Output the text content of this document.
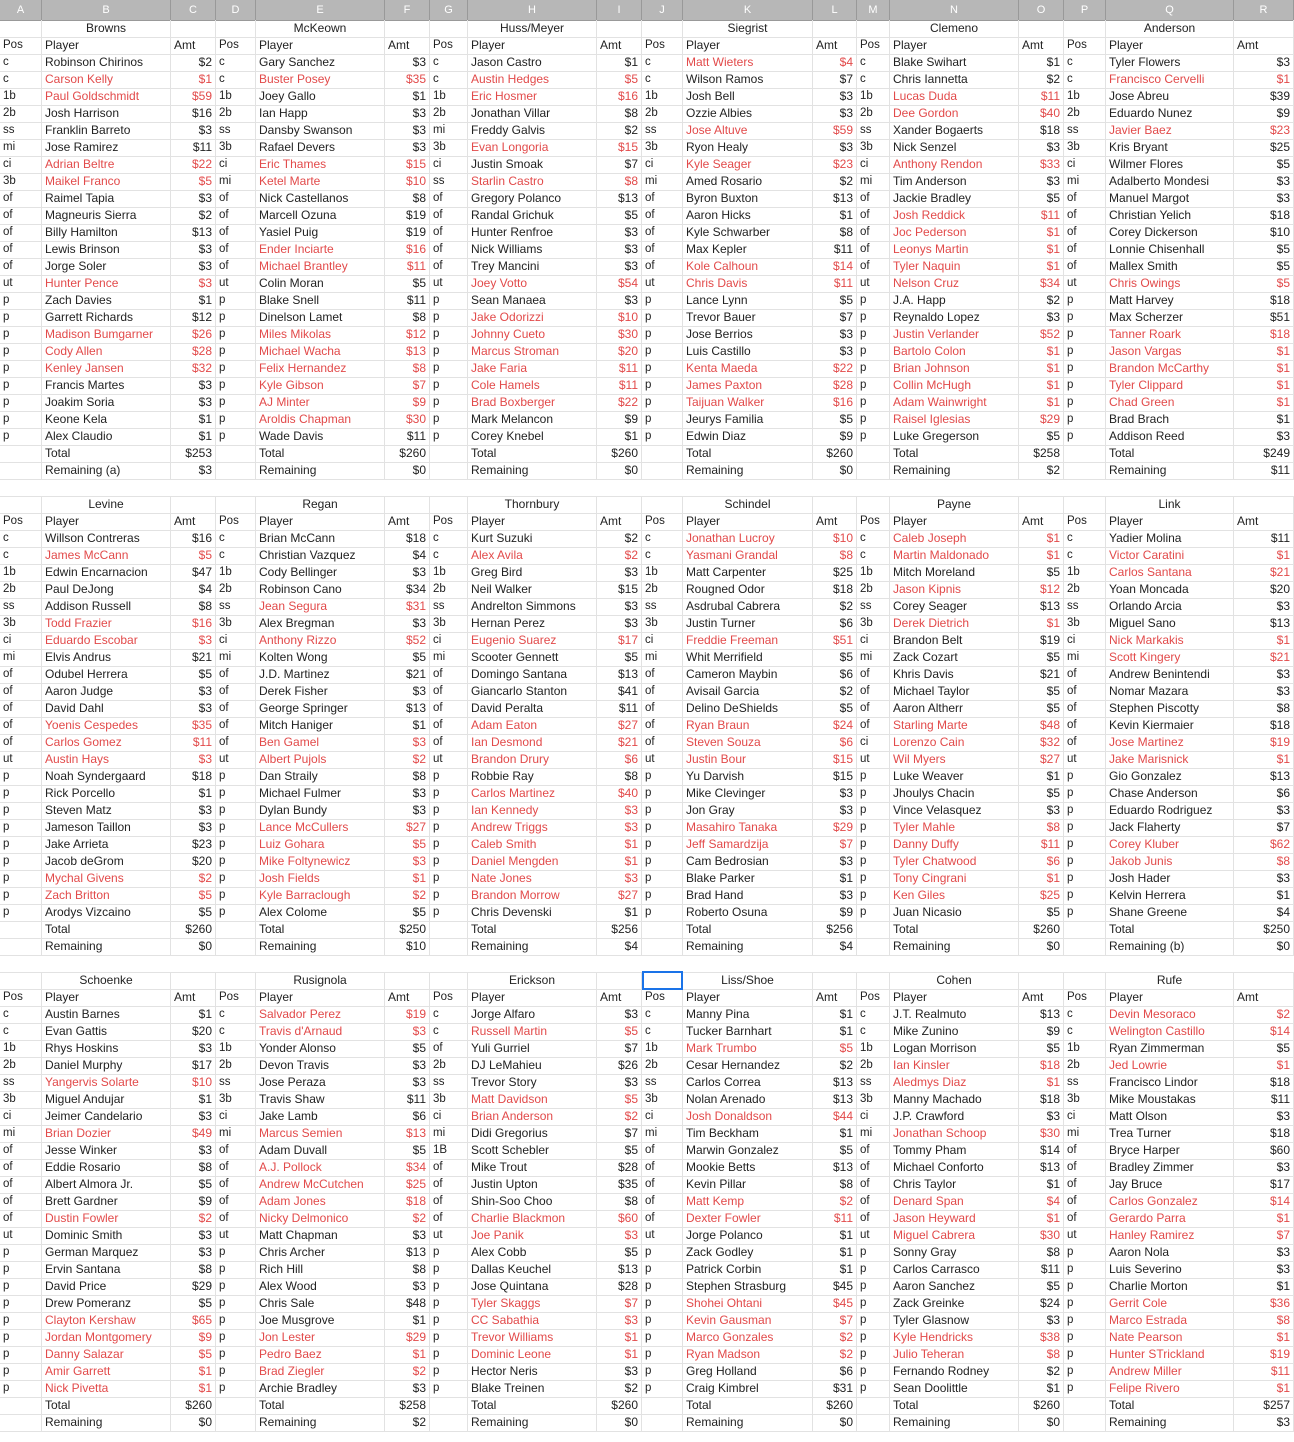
A	B	C	D	E	F	G	H	I	J	K	L	M	N	O	P	Q	R
Browns	McKeown	Huss/Meyer	Siegrist	Clemeno	Anderson
Pos	Player	Amt	Pos	Player	Amt	Pos	Player	Amt	Pos	Player	Amt	Pos	Player	Amt	Pos	Player	Amt
c	Robinson Chirinos	$2 c	Gary Sanchez	$3 c	Jason Castro	$1 c	Matt Wieters	$4 c	Blake Swihart	$1 c	Tyler Flowers	$3
c	Carson Kelly	$1 c	Buster Posey	$35 c	Austin Hedges	$5 c	Wilson Ramos	$7 c	Chris Iannetta	$2 c	Francisco Cervelli	$1
1b	Paul Goldschmidt	$59 1b	Joey Gallo	$1 1b	Eric Hosmer	$16 1b	Josh Bell	$3 1b	Lucas Duda	$11 1b	Jose Abreu	$39
2b	Josh Harrison	$16 2b	Ian Happ	$3 2b	Jonathan Villar	$8 2b	Ozzie Albies	$3 2b	Dee Gordon	$40 2b	Eduardo Nunez	$9
ss	Franklin Barreto	$3 ss	Dansby Swanson	$3 mi	Freddy Galvis	$2 ss	Jose Altuve	$59 ss	Xander Bogaerts	$18 ss	Javier Baez	$23
mi	Jose Ramirez	$11 3b	Rafael Devers	$3 3b	Evan Longoria	$15 3b	Ryon Healy	$3 3b	Nick Senzel	$3 3b	Kris Bryant	$25
ci	Adrian Beltre	$22 ci	Eric Thames	$15 ci	Justin Smoak	$7 ci	Kyle Seager	$23 ci	Anthony Rendon	$33 ci	Wilmer Flores	$5
3b	Maikel Franco	$5 mi	Ketel Marte	$10 ss	Starlin Castro	$8 mi	Amed Rosario	$2 mi	Tim Anderson	$3 mi	Adalberto Mondesi	$3
of	Raimel Tapia	$3 of	Nick Castellanos	$8 of	Gregory Polanco	$13 of	Byron Buxton	$13 of	Jackie Bradley	$5 of	Manuel Margot	$3
of	Magneuris Sierra	$2 of	Marcell Ozuna	$19 of	Randal Grichuk	$5 of	Aaron Hicks	$1 of	Josh Reddick	$11 of	Christian Yelich	$18
of	Billy Hamilton	$13 of	Yasiel Puig	$19 of	Hunter Renfroe	$3 of	Kyle Schwarber	$8 of	Joc Pederson	$1 of	Corey Dickerson	$10
of	Lewis Brinson	$3 of	Ender Inciarte	$16 of	Nick Williams	$3 of	Max Kepler	$11 of	Leonys Martin	$1 of	Lonnie Chisenhall	$5
of	Jorge Soler	$3 of	Michael Brantley	$11 of	Trey Mancini	$3 of	Kole Calhoun	$14 of	Tyler Naquin	$1 of	Mallex Smith	$5
ut	Hunter Pence	$3 ut	Colin Moran	$5 ut	Joey Votto	$54 ut	Chris Davis	$11 ut	Nelson Cruz	$34 ut	Chris Owings	$5
p	Zach Davies	$1 p	Blake Snell	$11 p	Sean Manaea	$3 p	Lance Lynn	$5 p	J.A. Happ	$2 p	Matt Harvey	$18
p	Garrett Richards	$12 p	Dinelson Lamet	$8 p	Jake Odorizzi	$10 p	Trevor Bauer	$7 p	Reynaldo Lopez	$3 p	Max Scherzer	$51
p	Madison Bumgarner	$26 p	Miles Mikolas	$12 p	Johnny Cueto	$30 p	Jose Berrios	$3 p	Justin Verlander	$52 p	Tanner Roark	$18
p	Cody Allen	$28 p	Michael Wacha	$13 p	Marcus Stroman	$20 p	Luis Castillo	$3 p	Bartolo Colon	$1 p	Jason Vargas	$1
p	Kenley Jansen	$32 p	Felix Hernandez	$8 p	Jake Faria	$11 p	Kenta Maeda	$22 p	Brian Johnson	$1 p	Brandon McCarthy	$1
p	Francis Martes	$3 p	Kyle Gibson	$7 p	Cole Hamels	$11 p	James Paxton	$28 p	Collin McHugh	$1 p	Tyler Clippard	$1
p	Joakim Soria	$3 p	AJ Minter	$9 p	Brad Boxberger	$22 p	Taijuan Walker	$16 p	Adam Wainwright	$1 p	Chad Green	$1
p	Keone Kela	$1 p	Aroldis Chapman	$30 p	Mark Melancon	$9 p	Jeurys Familia	$5 p	Raisel Iglesias	$29 p	Brad Brach	$1
p	Alex Claudio	$1 p	Wade Davis	$11 p	Corey Knebel	$1 p	Edwin Diaz	$9 p	Luke Gregerson	$5 p	Addison Reed	$3
Total	$253	Total	$260	Total	$260	Total	$260	Total	$258	Total	$249
Remaining (a)	$3	Remaining	$0	Remaining	$0	Remaining	$0	Remaining	$2	Remaining	$11
Levine	Regan	Thornbury	Schindel	Payne	Link
Pos	Player	Amt	Pos	Player	Amt	Pos	Player	Amt	Pos	Player	Amt	Pos	Player	Amt	Pos	Player	Amt
c	Willson Contreras	$16 c	Brian McCann	$18 c	Kurt Suzuki	$2 c	Jonathan Lucroy	$10 c	Caleb Joseph	$1 c	Yadier Molina	$11
c	James McCann	$5 c	Christian Vazquez	$4 c	Alex Avila	$2 c	Yasmani Grandal	$8 c	Martin Maldonado	$1 c	Victor Caratini	$1
1b	Edwin Encarnacion	$47 1b	Cody Bellinger	$3 1b	Greg Bird	$3 1b	Matt Carpenter	$25 1b	Mitch Moreland	$5 1b	Carlos Santana	$21
2b	Paul DeJong	$4 2b	Robinson Cano	$34 2b	Neil Walker	$15 2b	Rougned Odor	$18 2b	Jason Kipnis	$12 2b	Yoan Moncada	$20
ss	Addison Russell	$8 ss	Jean Segura	$31 ss	Andrelton Simmons	$3 ss	Asdrubal Cabrera	$2 ss	Corey Seager	$13 ss	Orlando Arcia	$3
3b	Todd Frazier	$16 3b	Alex Bregman	$3 3b	Hernan Perez	$3 3b	Justin Turner	$6 3b	Derek Dietrich	$1 3b	Miguel Sano	$13
ci	Eduardo Escobar	$3 ci	Anthony Rizzo	$52 ci	Eugenio Suarez	$17 ci	Freddie Freeman	$51 ci	Brandon Belt	$19 ci	Nick Markakis	$1
mi	Elvis Andrus	$21 mi	Kolten Wong	$5 mi	Scooter Gennett	$5 mi	Whit Merrifield	$5 mi	Zack Cozart	$5 mi	Scott Kingery	$21
of	Odubel Herrera	$5 of	J.D. Martinez	$21 of	Domingo Santana	$13 of	Cameron Maybin	$6 of	Khris Davis	$21 of	Andrew Benintendi	$3
of	Aaron Judge	$3 of	Derek Fisher	$3 of	Giancarlo Stanton	$41 of	Avisail Garcia	$2 of	Michael Taylor	$5 of	Nomar Mazara	$3
of	David Dahl	$3 of	George Springer	$13 of	David Peralta	$11 of	Delino DeShields	$5 of	Aaron Altherr	$5 of	Stephen Piscotty	$8
of	Yoenis Cespedes	$35 of	Mitch Haniger	$1 of	Adam Eaton	$27 of	Ryan Braun	$24 of	Starling Marte	$48 of	Kevin Kiermaier	$18
of	Carlos Gomez	$11 of	Ben Gamel	$3 of	Ian Desmond	$21 of	Steven Souza	$6 ci	Lorenzo Cain	$32 of	Jose Martinez	$19
ut	Austin Hays	$3 ut	Albert Pujols	$2 ut	Brandon Drury	$6 ut	Justin Bour	$15 ut	Wil Myers	$27 ut	Jake Marisnick	$1
p	Noah Syndergaard	$18 p	Dan Straily	$8 p	Robbie Ray	$8 p	Yu Darvish	$15 p	Luke Weaver	$1 p	Gio Gonzalez	$13
p	Rick Porcello	$1 p	Michael Fulmer	$3 p	Carlos Martinez	$40 p	Mike Clevinger	$3 p	Jhoulys Chacin	$5 p	Chase Anderson	$6
p	Steven Matz	$3 p	Dylan Bundy	$3 p	Ian Kennedy	$3 p	Jon Gray	$3 p	Vince Velasquez	$3 p	Eduardo Rodriguez	$3
p	Jameson Taillon	$3 p	Lance McCullers	$27 p	Andrew Triggs	$3 p	Masahiro Tanaka	$29 p	Tyler Mahle	$8 p	Jack Flaherty	$7
p	Jake Arrieta	$23 p	Luiz Gohara	$5 p	Caleb Smith	$1 p	Jeff Samardzija	$7 p	Danny Duffy	$11 p	Corey Kluber	$62
p	Jacob deGrom	$20 p	Mike Foltynewicz	$3 p	Daniel Mengden	$1 p	Cam Bedrosian	$3 p	Tyler Chatwood	$6 p	Jakob Junis	$8
p	Mychal Givens	$2 p	Josh Fields	$1 p	Nate Jones	$3 p	Blake Parker	$1 p	Tony Cingrani	$1 p	Josh Hader	$3
p	Zach Britton	$5 p	Kyle Barraclough	$2 p	Brandon Morrow	$27 p	Brad Hand	$3 p	Ken Giles	$25 p	Kelvin Herrera	$1
p	Arodys Vizcaino	$5 p	Alex Colome	$5 p	Chris Devenski	$1 p	Roberto Osuna	$9 p	Juan Nicasio	$5 p	Shane Greene	$4
Total	$260	Total	$250	Total	$256	Total	$256	Total	$260	Total	$250
Remaining	$0	Remaining	$10	Remaining	$4	Remaining	$4	Remaining	$0	Remaining (b)	$0
Schoenke	Rusignola	Erickson	Liss/Shoe	Cohen	Rufe
Pos	Player	Amt	Pos	Player	Amt	Pos	Player	Amt	Pos	Player	Amt	Pos	Player	Amt	Pos	Player	Amt
c	Austin Barnes	$1 c	Salvador Perez	$19 c	Jorge Alfaro	$3 c	Manny Pina	$1 c	J.T. Realmuto	$13 c	Devin Mesoraco	$2
c	Evan Gattis	$20 c	Travis d'Arnaud	$3 c	Russell Martin	$5 c	Tucker Barnhart	$1 c	Mike Zunino	$9 c	Welington Castillo	$14
1b	Rhys Hoskins	$3 1b	Yonder Alonso	$5 of	Yuli Gurriel	$7 1b	Mark Trumbo	$5 1b	Logan Morrison	$5 1b	Ryan Zimmerman	$5
2b	Daniel Murphy	$17 2b	Devon Travis	$3 2b	DJ LeMahieu	$26 2b	Cesar Hernandez	$2 2b	Ian Kinsler	$18 2b	Jed Lowrie	$1
ss	Yangervis Solarte	$10 ss	Jose Peraza	$3 ss	Trevor Story	$3 ss	Carlos Correa	$13 ss	Aledmys Diaz	$1 ss	Francisco Lindor	$18
3b	Miguel Andujar	$1 3b	Travis Shaw	$11 3b	Matt Davidson	$5 3b	Nolan Arenado	$13 3b	Manny Machado	$18 3b	Mike Moustakas	$11
ci	Jeimer Candelario	$3 ci	Jake Lamb	$6 ci	Brian Anderson	$2 ci	Josh Donaldson	$44 ci	J.P. Crawford	$3 ci	Matt Olson	$3
mi	Brian Dozier	$49 mi	Marcus Semien	$13 mi	Didi Gregorius	$7 mi	Tim Beckham	$1 mi	Jonathan Schoop	$30 mi	Trea Turner	$18
of	Jesse Winker	$3 of	Adam Duvall	$5 1B	Scott Schebler	$5 of	Marwin Gonzalez	$5 of	Tommy Pham	$14 of	Bryce Harper	$60
of	Eddie Rosario	$8 of	A.J. Pollock	$34 of	Mike Trout	$28 of	Mookie Betts	$13 of	Michael Conforto	$13 of	Bradley Zimmer	$3
of	Albert Almora Jr.	$5 of	Andrew McCutchen	$25 of	Justin Upton	$35 of	Kevin Pillar	$8 of	Chris Taylor	$1 of	Jay Bruce	$17
of	Brett Gardner	$9 of	Adam Jones	$18 of	Shin-Soo Choo	$8 of	Matt Kemp	$2 of	Denard Span	$4 of	Carlos Gonzalez	$14
of	Dustin Fowler	$2 of	Nicky Delmonico	$2 of	Charlie Blackmon	$60 of	Dexter Fowler	$11 of	Jason Heyward	$1 of	Gerardo Parra	$1
ut	Dominic Smith	$3 ut	Matt Chapman	$3 ut	Joe Panik	$3 ut	Jorge Polanco	$1 ut	Miguel Cabrera	$30 ut	Hanley Ramirez	$7
p	German Marquez	$3 p	Chris Archer	$13 p	Alex Cobb	$5 p	Zack Godley	$1 p	Sonny Gray	$8 p	Aaron Nola	$3
p	Ervin Santana	$8 p	Rich Hill	$8 p	Dallas Keuchel	$13 p	Patrick Corbin	$1 p	Carlos Carrasco	$11 p	Luis Severino	$3
p	David Price	$29 p	Alex Wood	$3 p	Jose Quintana	$28 p	Stephen Strasburg	$45 p	Aaron Sanchez	$5 p	Charlie Morton	$1
p	Drew Pomeranz	$5 p	Chris Sale	$48 p	Tyler Skaggs	$7 p	Shohei Ohtani	$45 p	Zack Greinke	$24 p	Gerrit Cole	$36
p	Clayton Kershaw	$65 p	Joe Musgrove	$1 p	CC Sabathia	$3 p	Kevin Gausman	$7 p	Tyler Glasnow	$3 p	Marco Estrada	$8
p	Jordan Montgomery	$9 p	Jon Lester	$29 p	Trevor Williams	$1 p	Marco Gonzales	$2 p	Kyle Hendricks	$38 p	Nate Pearson	$1
p	Danny Salazar	$5 p	Pedro Baez	$1 p	Dominic Leone	$1 p	Ryan Madson	$2 p	Julio Teheran	$8 p	Hunter STrickland	$19
p	Amir Garrett	$1 p	Brad Ziegler	$2 p	Hector Neris	$3 p	Greg Holland	$6 p	Fernando Rodney	$2 p	Andrew Miller	$11
p	Nick Pivetta	$1 p	Archie Bradley	$3 p	Blake Treinen	$2 p	Craig Kimbrel	$31 p	Sean Doolittle	$1 p	Felipe Rivero	$1
Total	$260	Total	$258	Total	$260	Total	$260	Total	$260	Total	$257
Remaining	$0	Remaining	$2	Remaining	$0	Remaining	$0	Remaining	$0	Remaining	$3
